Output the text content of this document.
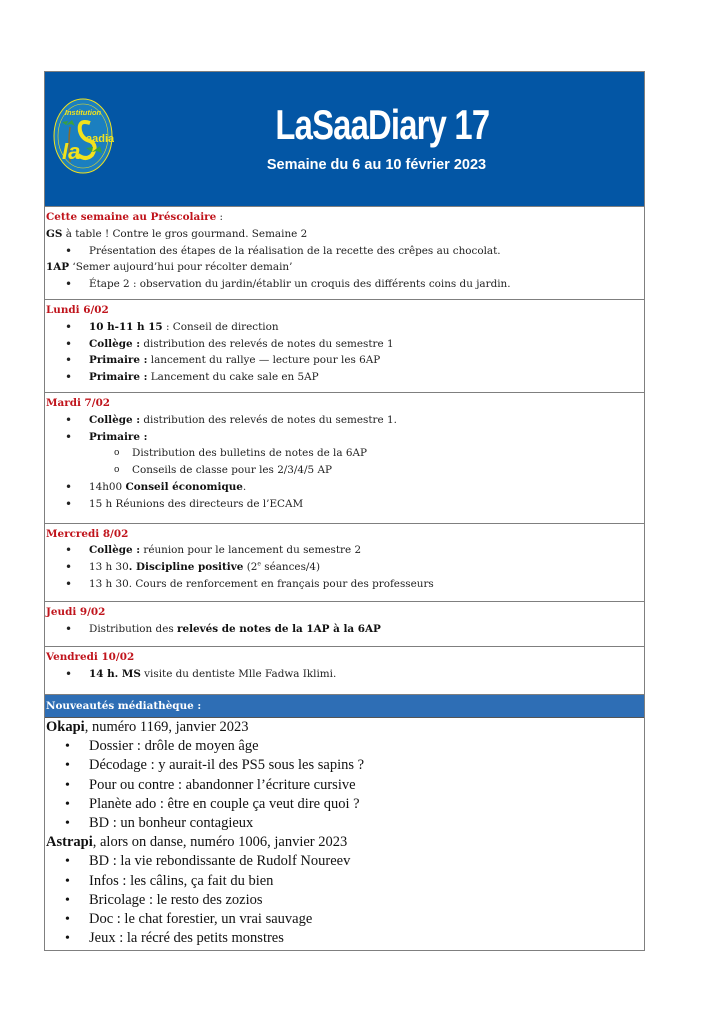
Institution
la aadia	LaSaaDiary 17
Semaine du 6 au 10 février 2023
Cette semaine au Préscolaire :
GS à table ! Contre le gros gourmand. Semaine 2
• Présentation des étapes de la réalisation de la recette des crêpes au chocolat.
1AP ‘Semer aujourd’hui pour récolter demain’
• Étape 2 : observation du jardin/établir un croquis des différents coins du jardin.
Lundi 6/02
• 10 h-11 h 15 : Conseil de direction
• Collège : distribution des relevés de notes du semestre 1
• Primaire : lancement du rallye — lecture pour les 6AP
• Primaire : Lancement du cake sale en 5AP
Mardi 7/02
• Collège : distribution des relevés de notes du semestre 1.
• Primaire :
o Distribution des bulletins de notes de la 6AP
o Conseils de classe pour les 2/3/4/5 AP
• 14h00 Conseil économique.
• 15 h Réunions des directeurs de l’ECAM
Mercredi 8/02
• Collège : réunion pour le lancement du semestre 2
• 13 h 30. Discipline positive (2e séances/4)
• 13 h 30. Cours de renforcement en français pour des professeurs
Jeudi 9/02
• Distribution des relevés de notes de la 1AP à la 6AP
Vendredi 10/02
• 14 h. MS visite du dentiste Mlle Fadwa Iklimi.
Nouveautés médiathèque :
Okapi, numéro 1169, janvier 2023
• Dossier : drôle de moyen âge
• Décodage : y aurait-il des PS5 sous les sapins ?
• Pour ou contre : abandonner l’écriture cursive
• Planète ado : être en couple ça veut dire quoi ?
• BD : un bonheur contagieux
Astrapi, alors on danse, numéro 1006, janvier 2023
• BD : la vie rebondissante de Rudolf Noureev
• Infos : les câlins, ça fait du bien
• Bricolage : le resto des zozios
• Doc : le chat forestier, un vrai sauvage
• Jeux : la récré des petits monstres
